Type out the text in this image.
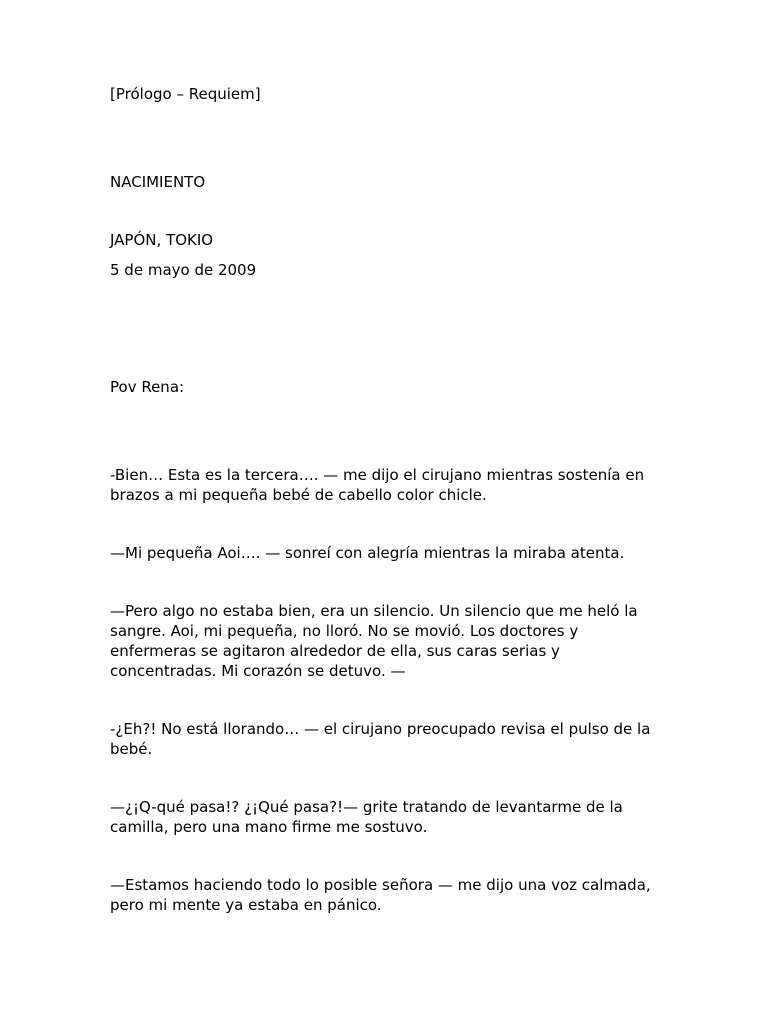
[Prólogo – Requiem]

NACIMIENTO

JAPÓN, TOKIO

5 de mayo de 2009

Pov Rena:

-Bien… Esta es la tercera…. — me dijo el cirujano mientras sostenía en brazos a mi pequeña bebé de cabello color chicle.

—Mi pequeña Aoi…. — sonreí con alegría mientras la miraba atenta.

—Pero algo no estaba bien, era un silencio. Un silencio que me heló la sangre. Aoi, mi pequeña, no lloró. No se movió. Los doctores y enfermeras se agitaron alrededor de ella, sus caras serias y concentradas. Mi corazón se detuvo. —

-¿Eh?! No está llorando… — el cirujano preocupado revisa el pulso de la bebé.

—¿¡Q-qué pasa!? ¿¡Qué pasa?!— grite tratando de levantarme de la camilla, pero una mano firme me sostuvo.

—Estamos haciendo todo lo posible señora — me dijo una voz calmada, pero mi mente ya estaba en pánico.
